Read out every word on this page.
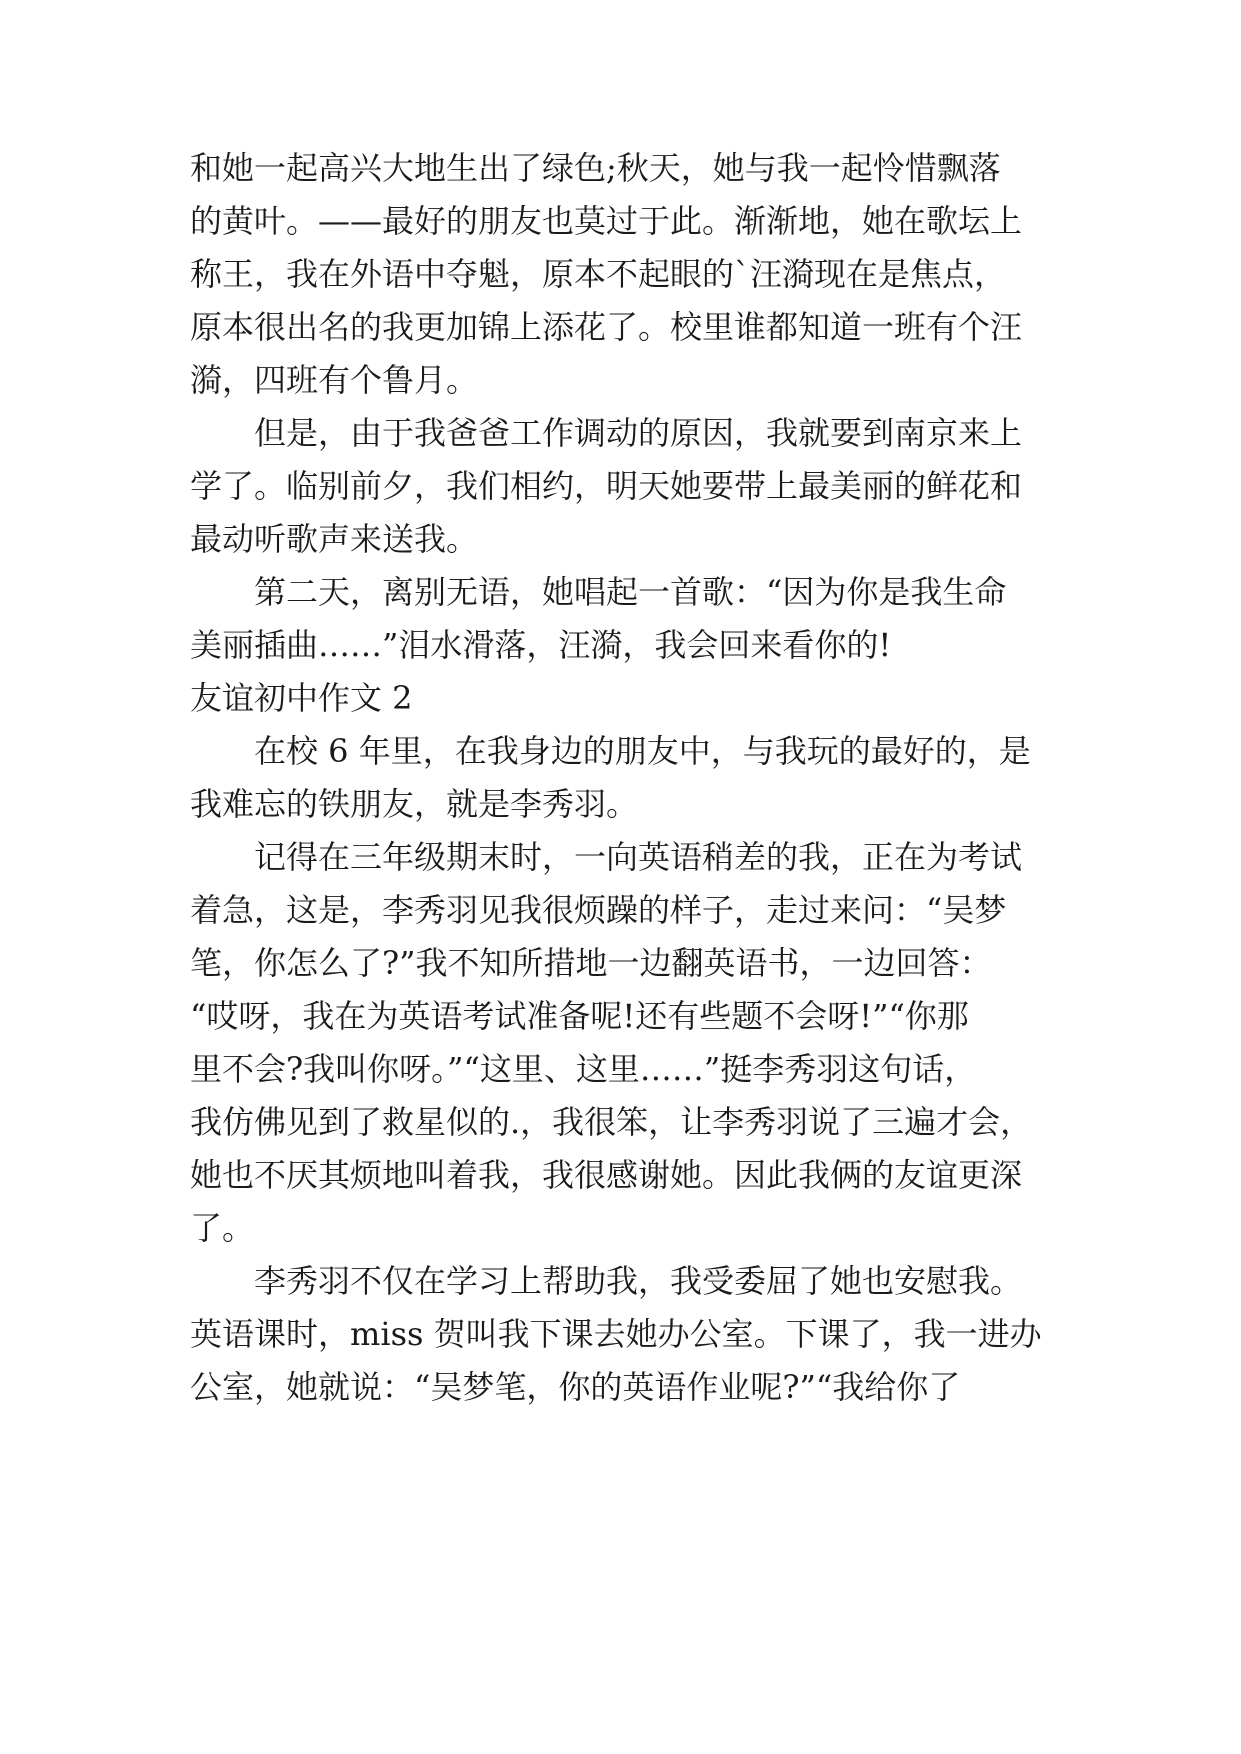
和她一起高兴大地生出了绿色;秋天，她与我一起怜惜飘落
的黄叶。——最好的朋友也莫过于此。渐渐地，她在歌坛上
称王，我在外语中夺魁，原本不起眼的`汪漪现在是焦点，
原本很出名的我更加锦上添花了。校里谁都知道一班有个汪
漪，四班有个鲁月。
但是，由于我爸爸工作调动的原因，我就要到南京来上
学了。临别前夕，我们相约，明天她要带上最美丽的鲜花和
最动听歌声来送我。
第二天，离别无语，她唱起一首歌：“因为你是我生命
美丽插曲……”泪水滑落，汪漪，我会回来看你的!
友谊初中作文 2
在校 6 年里，在我身边的朋友中，与我玩的最好的，是
我难忘的铁朋友，就是李秀羽。
记得在三年级期末时，一向英语稍差的我，正在为考试
着急，这是，李秀羽见我很烦躁的样子，走过来问：“吴梦
笔，你怎么了?”我不知所措地一边翻英语书，一边回答：
“哎呀，我在为英语考试准备呢!还有些题不会呀!”“你那
里不会?我叫你呀。”“这里、这里……”挺李秀羽这句话，
我仿佛见到了救星似的.，我很笨，让李秀羽说了三遍才会，
她也不厌其烦地叫着我，我很感谢她。因此我俩的友谊更深
了。
李秀羽不仅在学习上帮助我，我受委屈了她也安慰我。
英语课时，miss 贺叫我下课去她办公室。下课了，我一进办
公室，她就说：“吴梦笔，你的英语作业呢?”“我给你了
